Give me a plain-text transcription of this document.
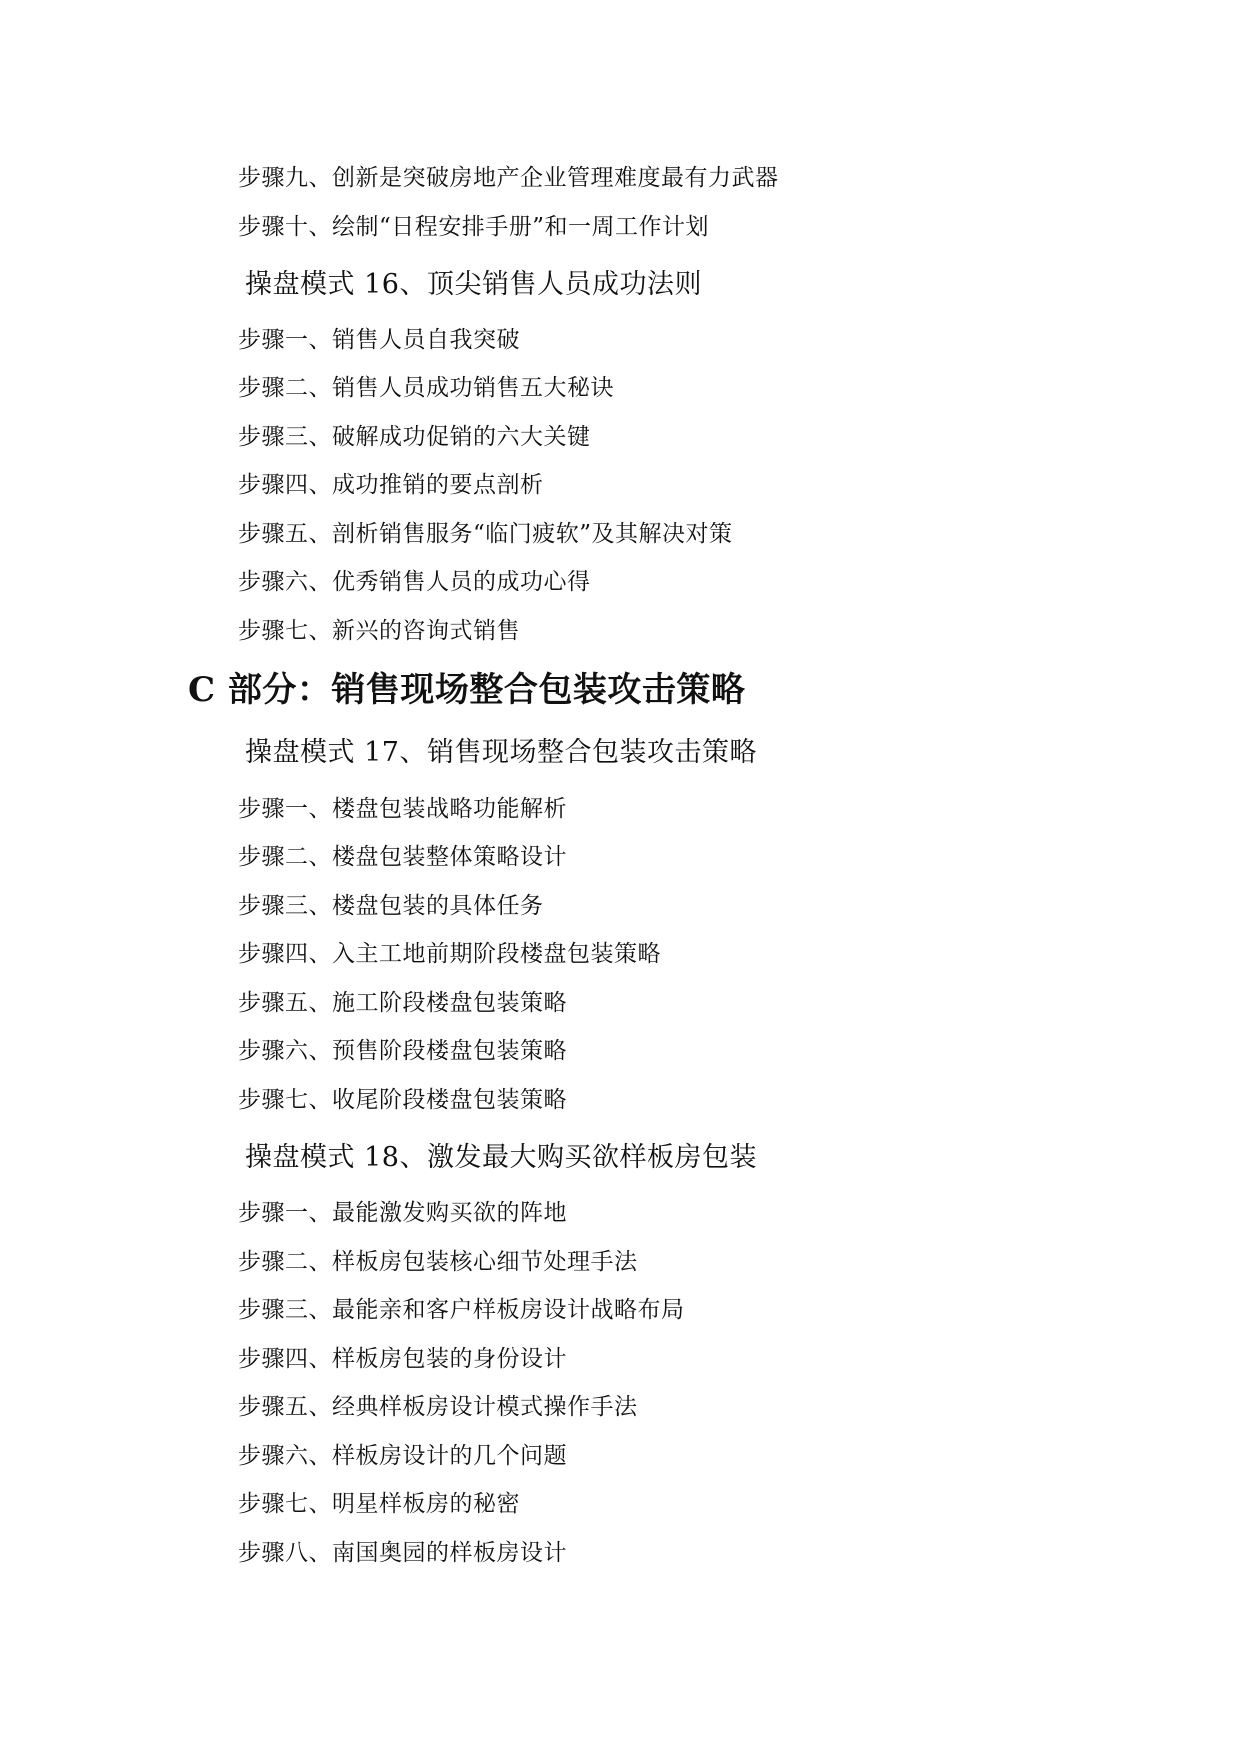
步骤九、创新是突破房地产企业管理难度最有力武器
步骤十、绘制“日程安排手册”和一周工作计划
操盘模式 16、顶尖销售人员成功法则
步骤一、销售人员自我突破
步骤二、销售人员成功销售五大秘诀
步骤三、破解成功促销的六大关键
步骤四、成功推销的要点剖析
步骤五、剖析销售服务“临门疲软”及其解决对策
步骤六、优秀销售人员的成功心得
步骤七、新兴的咨询式销售
C 部分：销售现场整合包装攻击策略
操盘模式 17、销售现场整合包装攻击策略
步骤一、楼盘包装战略功能解析
步骤二、楼盘包装整体策略设计
步骤三、楼盘包装的具体任务
步骤四、入主工地前期阶段楼盘包装策略
步骤五、施工阶段楼盘包装策略
步骤六、预售阶段楼盘包装策略
步骤七、收尾阶段楼盘包装策略
操盘模式 18、激发最大购买欲样板房包装
步骤一、最能激发购买欲的阵地
步骤二、样板房包装核心细节处理手法
步骤三、最能亲和客户样板房设计战略布局
步骤四、样板房包装的身份设计
步骤五、经典样板房设计模式操作手法
步骤六、样板房设计的几个问题
步骤七、明星样板房的秘密
步骤八、南国奥园的样板房设计
